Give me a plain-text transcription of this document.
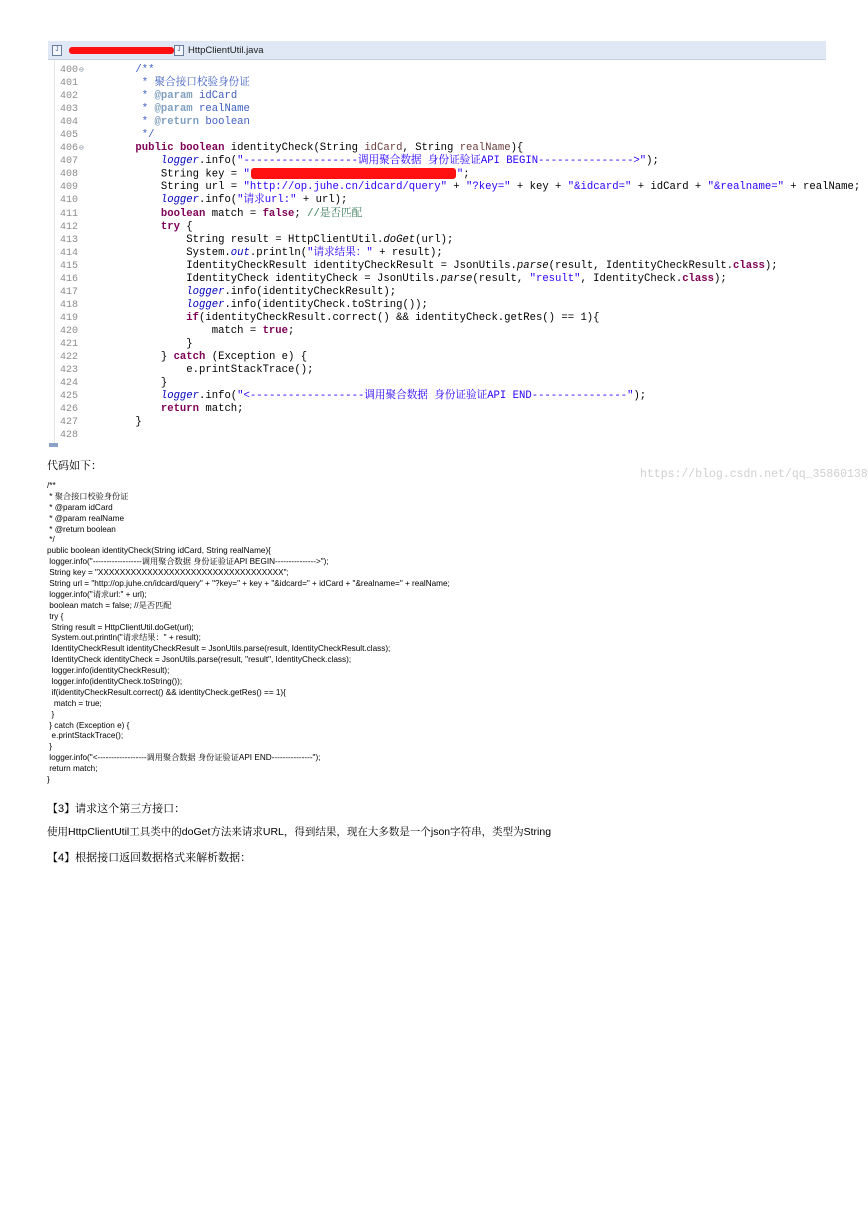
J	J HttpClientUtil.java
400 ⊖ /**
401	* 聚合接口校验身份证
402	* @param idCard
403	* @param realName
404	* @return boolean
405	*/
406 ⊖ public boolean identityCheck(String idCard, String realName){
407	logger.info("------------------调用聚合数据 身份证验证API BEGIN--------------->");
408	String key = "	";
409	String url = "http://op.juhe.cn/idcard/query" + "?key=" + key + "&idcard=" + idCard + "&realname=" + realName;
410	logger.info("请求url:" + url);
411	boolean match = false; //是否匹配
412	try {
413	String result = HttpClientUtil.doGet(url);
414	System.out.println("请求结果：" + result);
415	IdentityCheckResult identityCheckResult = JsonUtils.parse(result, IdentityCheckResult.class);
416	IdentityCheck identityCheck = JsonUtils.parse(result, "result", IdentityCheck.class);
417	logger.info(identityCheckResult);
418	logger.info(identityCheck.toString());
419	if(identityCheckResult.correct() && identityCheck.getRes() == 1){
420	match = true;
421	}
422	} catch (Exception e) {
423	e.printStackTrace();
424	}
425	logger.info("<------------------调用聚合数据 身份证验证API END---------------");
426	return match;
427	}
428
https://blog.csdn.net/qq_35860138
代码如下：
/**
* 聚合接口校验身份证
* @param idCard
* @param realName
* @return boolean
*/
public boolean identityCheck(String idCard, String realName){
logger.info("------------------调用聚合数据 身份证验证API BEGIN--------------->");
String key = "XXXXXXXXXXXXXXXXXXXXXXXXXXXXXXXXXX";
String url = "http://op.juhe.cn/idcard/query" + "?key=" + key + "&idcard=" + idCard + "&realname=" + realName;
logger.info("请求url:" + url);
boolean match = false; //是否匹配
try {
String result = HttpClientUtil.doGet(url);
System.out.println("请求结果：" + result);
IdentityCheckResult identityCheckResult = JsonUtils.parse(result, IdentityCheckResult.class);
IdentityCheck identityCheck = JsonUtils.parse(result, "result", IdentityCheck.class);
logger.info(identityCheckResult);
logger.info(identityCheck.toString());
if(identityCheckResult.correct() && identityCheck.getRes() == 1){
match = true;
}
} catch (Exception e) {
e.printStackTrace();
}
logger.info("<------------------调用聚合数据 身份证验证API END---------------");
return match;
}
【3】请求这个第三方接口：
使用HttpClientUtil工具类中的doGet方法来请求URL，得到结果，现在大多数是一个json字符串，类型为String
【4】根据接口返回数据格式来解析数据：
